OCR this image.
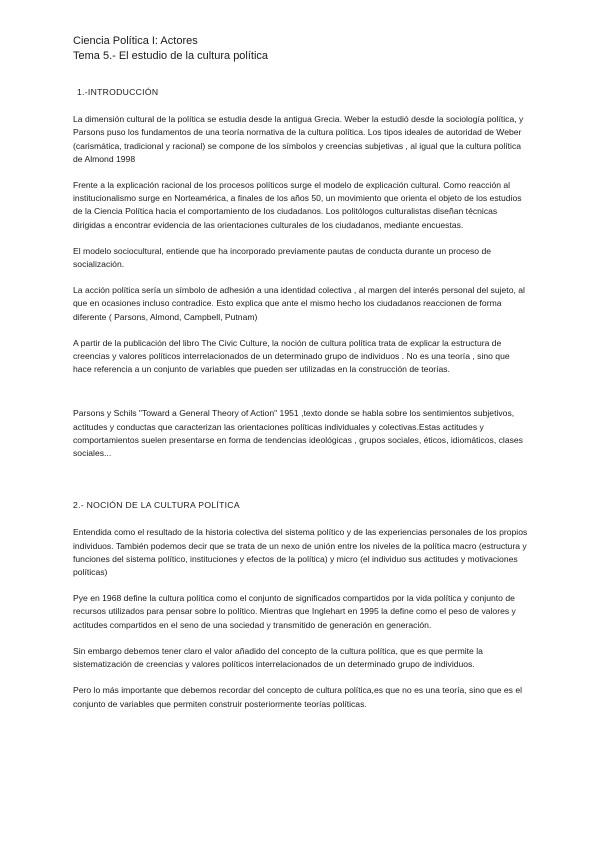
Ciencia Política I: Actores
Tema 5.- El estudio de la cultura política
1.-INTRODUCCIÓN

La dimensión cultural de la política se estudia desde la antigua Grecia. Weber la estudió desde la sociología política, y Parsons puso los fundamentos de una teoría normativa de la cultura política. Los tipos ideales de autoridad de Weber (carismática, tradicional y racional) se compone de los símbolos y creencias subjetivas , al igual que la cultura política de Almond 1998

Frente a la explicación racional de los procesos políticos surge el modelo de explicación cultural. Como reacción al institucionalismo surge en Norteamérica, a finales de los años 50, un movimiento que orienta el objeto de los estudios de la Ciencia Política hacia el comportamiento de los ciudadanos. Los politólogos culturalistas diseñan técnicas dirigidas a encontrar evidencia de las orientaciones culturales de los ciudadanos, mediante encuestas.

El modelo sociocultural, entiende que ha incorporado previamente pautas de conducta durante un proceso de socialización.

La acción política sería un símbolo de adhesión a una identidad colectiva , al margen del interés personal del sujeto, al que en ocasiones incluso contradice. Esto explica que ante el mismo hecho los ciudadanos reaccionen de forma diferente ( Parsons, Almond, Campbell, Putnam)

A partir de la publicación del libro The Civic Culture, la noción de cultura política trata de explicar la estructura de creencias y valores políticos interrelacionados de un determinado grupo de individuos . No es una teoría , sino que hace referencia a un conjunto de variables que pueden ser utilizadas en la construcción de teorías.

Parsons y Schils "Toward a General Theory of Action" 1951 ,texto donde se habla sobre los sentimientos subjetivos, actitudes y conductas que caracterizan las orientaciones políticas individuales y colectivas.Estas actitudes y comportamientos suelen presentarse en forma de tendencias ideológicas , grupos sociales, éticos, idiomáticos, clases sociales...

2.- NOCIÓN DE LA CULTURA POLÍTICA

Entendida como el resultado de la historia colectiva del sistema político y de las experiencias personales de los propios individuos. También podemos decir que se trata de un nexo de unión entre los niveles de la política macro (estructura y funciones del sistema político, instituciones y efectos de la política) y micro (el individuo sus actitudes y motivaciones políticas)

Pye en 1968 define la cultura política como el conjunto de significados compartidos por la vida política y conjunto de recursos utilizados para pensar sobre lo político. Mientras que Inglehart en 1995 la define como el peso de valores y actitudes compartidos en el seno de una sociedad y transmitido de generación en generación.

Sin embargo debemos tener claro el valor añadido del concepto de la cultura política, que es que permite la sistematización de creencias y valores políticos interrelacionados de un determinado grupo de individuos.

Pero lo más importante que debemos recordar del concepto de cultura política,es que no es una teoría, sino que es el conjunto de variables que permiten construir posteriormente teorías políticas.
